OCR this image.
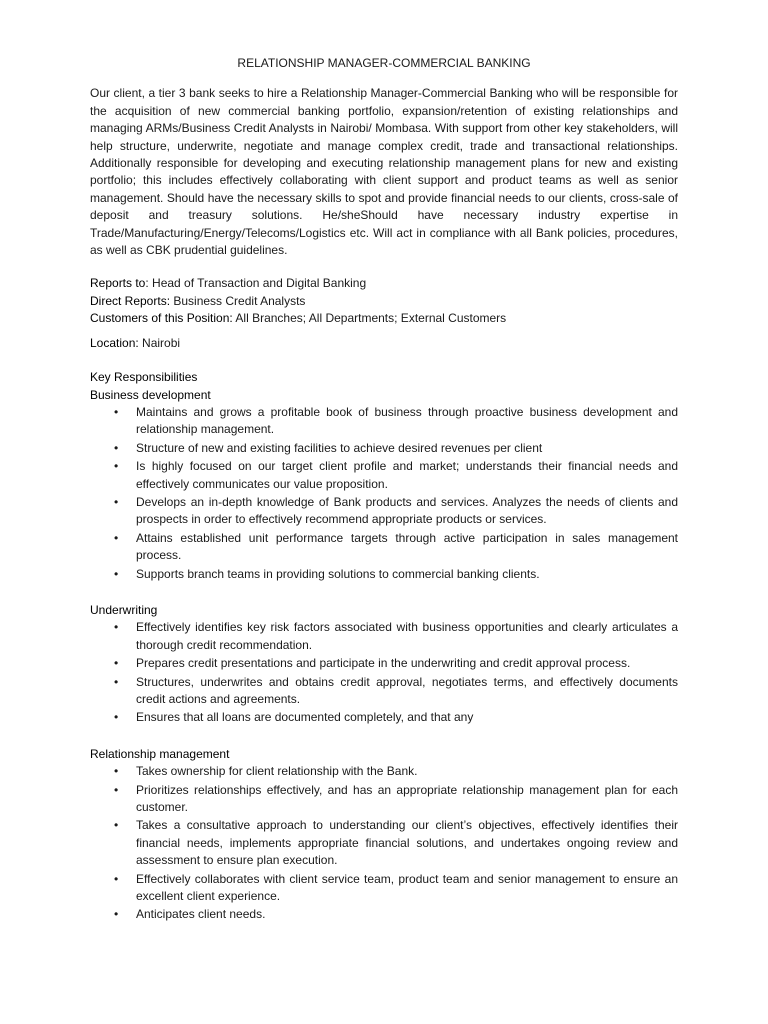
RELATIONSHIP MANAGER-COMMERCIAL BANKING

Our client, a tier 3 bank seeks to hire a Relationship Manager-Commercial Banking who will be responsible for the acquisition of new commercial banking portfolio, expansion/retention of existing relationships and managing ARMs/Business Credit Analysts in Nairobi/ Mombasa. With support from other key stakeholders, will help structure, underwrite, negotiate and manage complex credit, trade and transactional relationships. Additionally responsible for developing and executing relationship management plans for new and existing portfolio; this includes effectively collaborating with client support and product teams as well as senior management. Should have the necessary skills to spot and provide financial needs to our clients, cross-sale of deposit and treasury solutions. He/sheShould have necessary industry expertise in Trade/Manufacturing/Energy/Telecoms/Logistics etc. Will act in compliance with all Bank policies, procedures, as well as CBK prudential guidelines.

Reports to: Head of Transaction and Digital Banking
Direct Reports: Business Credit Analysts
Customers of this Position: All Branches; All Departments; External Customers
Location: Nairobi
Key Responsibilities
Business development
• Maintains and grows a profitable book of business through proactive business development and relationship management.
• Structure of new and existing facilities to achieve desired revenues per client
• Is highly focused on our target client profile and market; understands their financial needs and effectively communicates our value proposition.
• Develops an in-depth knowledge of Bank products and services. Analyzes the needs of clients and prospects in order to effectively recommend appropriate products or services.
• Attains established unit performance targets through active participation in sales management process.
• Supports branch teams in providing solutions to commercial banking clients.
Underwriting
• Effectively identifies key risk factors associated with business opportunities and clearly articulates a thorough credit recommendation.
• Prepares credit presentations and participate in the underwriting and credit approval process.
• Structures, underwrites and obtains credit approval, negotiates terms, and effectively documents credit actions and agreements.
• Ensures that all loans are documented completely, and that any
Relationship management
• Takes ownership for client relationship with the Bank.
• Prioritizes relationships effectively, and has an appropriate relationship management plan for each customer.
• Takes a consultative approach to understanding our client’s objectives, effectively identifies their financial needs, implements appropriate financial solutions, and undertakes ongoing review and assessment to ensure plan execution.
• Effectively collaborates with client service team, product team and senior management to ensure an excellent client experience.
• Anticipates client needs.
